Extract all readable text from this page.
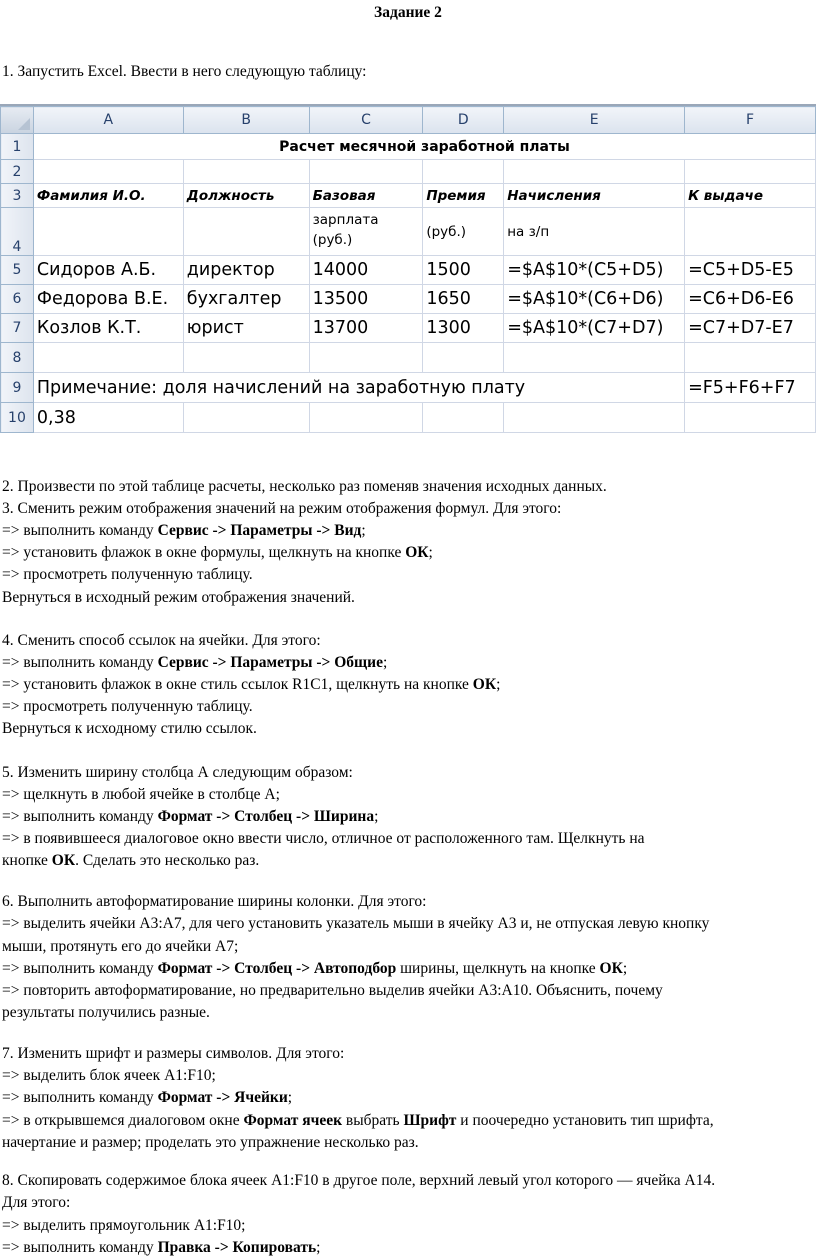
Задание 2
1. Запустить Excel. Ввести в него следующую таблицу:
	A	B	C	D	E	F
1	Расчет месячной заработной платы					
2						
3	Фамилия И.О.	Должность	Базовая	Премия	Начисления	К выдаче
4			зарплата (руб.)	(руб.)	на з/п	
5	Сидоров А.Б.	директор	14000	1500	=$A$10*(C5+D5)	=C5+D5-E5
6	Федорова В.Е.	бухгалтер	13500	1650	=$A$10*(C6+D6)	=C6+D6-E6
7	Козлов К.Т.	юрист	13700	1300	=$A$10*(C7+D7)	=C7+D7-E7
8						
9	Примечание: доля начислений на заработную плату					=F5+F6+F7
10	0,38					
2. Произвести по этой таблице расчеты, несколько раз поменяв значения исходных данных.
3. Сменить режим отображения значений на режим отображения формул. Для этого:
=> выполнить команду Сервис -> Параметры -> Вид;
=> установить флажок в окне формулы, щелкнуть на кнопке ОК;
=> просмотреть полученную таблицу.
Вернуться в исходный режим отображения значений.
4. Сменить способ ссылок на ячейки. Для этого:
=> выполнить команду Сервис -> Параметры -> Общие;
=> установить флажок в окне стиль ссылок R1C1, щелкнуть на кнопке ОК;
=> просмотреть полученную таблицу.
Вернуться к исходному стилю ссылок.
5. Изменить ширину столбца А следующим образом:
=> щелкнуть в любой ячейке в столбце А;
=> выполнить команду Формат -> Столбец -> Ширина;
=> в появившееся диалоговое окно ввести число, отличное от расположенного там. Щелкнуть на
кнопке ОК. Сделать это несколько раз.
6. Выполнить автоформатирование ширины колонки. Для этого:
=> выделить ячейки А3:А7, для чего установить указатель мыши в ячейку А3 и, не отпуская левую кнопку
мыши, протянуть его до ячейки А7;
=> выполнить команду Формат -> Столбец -> Автоподбор ширины, щелкнуть на кнопке ОК;
=> повторить автоформатирование, но предварительно выделив ячейки А3:А10. Объяснить, почему
результаты получились разные.
7. Изменить шрифт и размеры символов. Для этого:
=> выделить блок ячеек А1:F10;
=> выполнить команду Формат -> Ячейки;
=> в открывшемся диалоговом окне Формат ячеек выбрать Шрифт и поочередно установить тип шрифта,
начертание и размер; проделать это упражнение несколько раз.
8. Скопировать содержимое блока ячеек А1:F10 в другое поле, верхний левый угол которого — ячейка А14.
Для этого:
=> выделить прямоугольник А1:F10;
=> выполнить команду Правка -> Копировать;
